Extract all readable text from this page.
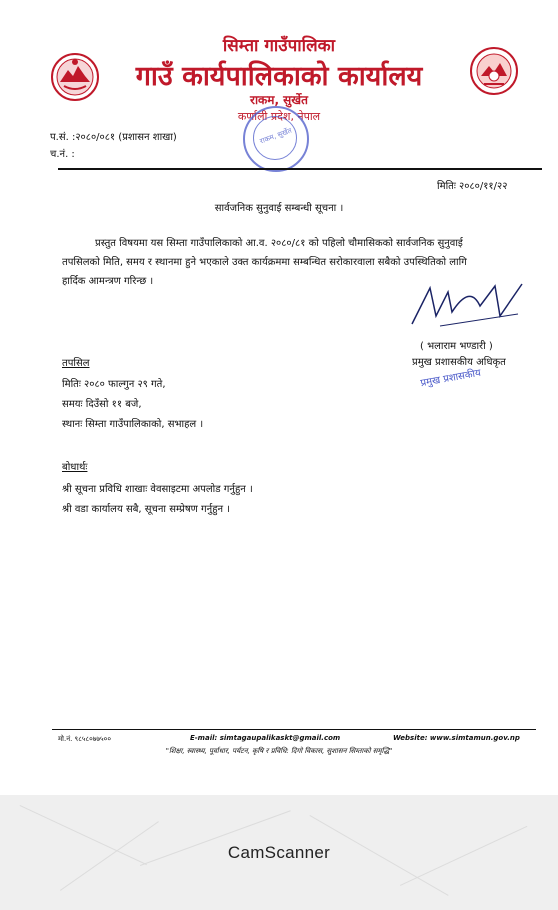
सिम्ता गाउँपालिका
गाउँ कार्यपालिकाको कार्यालय
राकम, सुर्खेत
कर्णाली प्रदेश, नेपाल
राकम, सुर्खेत
प.सं. :२०८०/०८१ (प्रशासन शाखा)
च.नं. :
मितिः २०८०/११/२२
सार्वजनिक सुनुवाई सम्बन्धी सूचना ।
प्रस्तुत विषयमा यस सिम्ता गाउँपालिकाको आ.व. २०८०/८१ को पहिलो चौमासिकको सार्वजनिक सुनुवाई
तपसिलको मिति, समय र स्थानमा हुने भएकाले उक्त कार्यक्रममा सम्बन्धित सरोकारवाला सबैको उपस्थितिको लागि
हार्दिक आमन्त्रण गरिन्छ ।
( भलाराम भण्डारी )
प्रमुख प्रशासकीय अधिकृत
प्रमुख प्रशासकीय
तपसिल
मितिः २०८० फाल्गुन २९ गते,
समयः दिउँसो ११ बजे,
स्थानः सिम्ता गाउँपालिकाको, सभाहल ।
बोधार्थः
श्री सूचना प्रविधि शाखाः वेवसाइटमा अपलोड गर्नुहुन ।
श्री वडा कार्यालय सबै, सूचना सम्प्रेषण गर्नुहुन ।
मो.नं. ९८५८०७७५००	E-mail: simtagaupalikaskt@gmail.com	Website: www.simtamun.gov.np
"शिक्षा, स्वास्थ्य, पूर्वाधार, पर्यटन, कृषि र प्रविधि: दिगो विकास, सुशासन सिम्ताको समृद्धि"
CamScanner
